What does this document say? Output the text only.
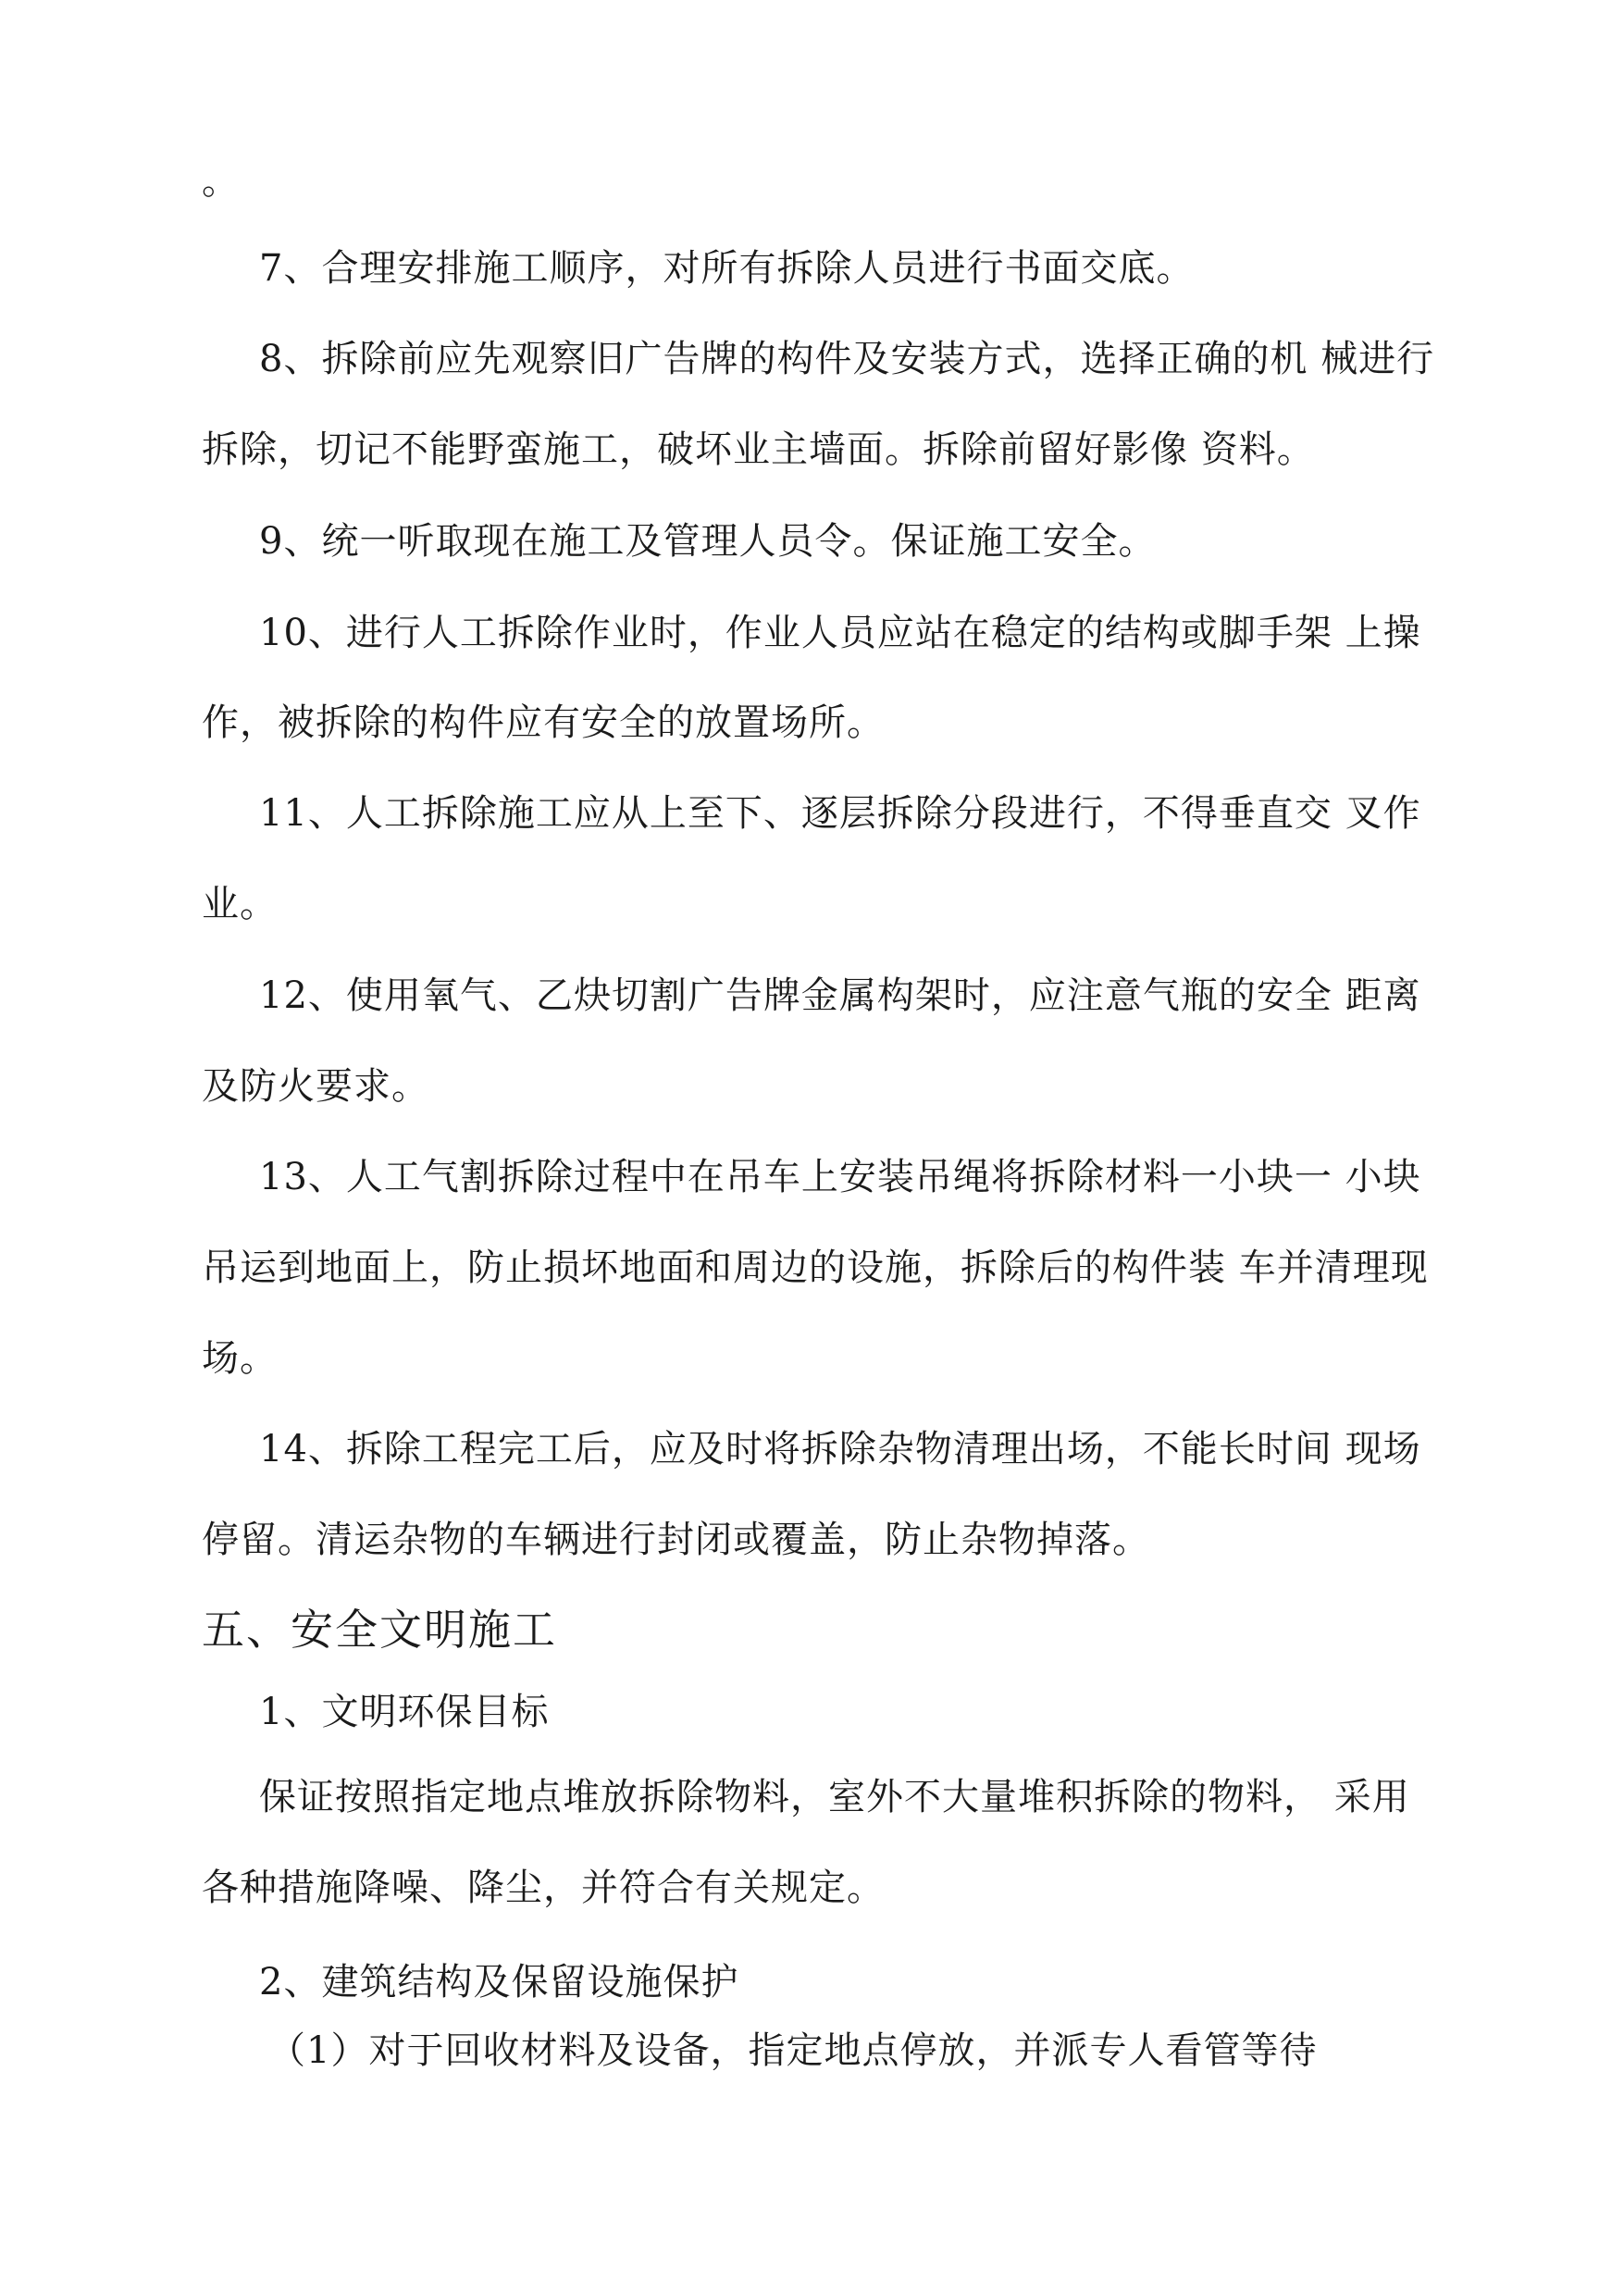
。
7、合理安排施工顺序，对所有拆除人员进行书面交底。
8、拆除前应先观察旧广告牌的构件及安装方式，选择正确的机 械进行
拆除，切记不能野蛮施工，破坏业主墙面。拆除前留好影像 资料。
9、统一听取现在施工及管理人员令。保证施工安全。
10、进行人工拆除作业时，作业人员应站在稳定的结构或脚手架 上操
作，被拆除的构件应有安全的放置场所。
11、人工拆除施工应从上至下、逐层拆除分段进行，不得垂直交 叉作
业。
12、使用氧气、乙炔切割广告牌金属构架时，应注意气瓶的安全 距离
及防火要求。
13、人工气割拆除过程中在吊车上安装吊绳将拆除材料一小块一 小块
吊运到地面上，防止损坏地面和周边的设施，拆除后的构件装 车并清理现
场。
14、拆除工程完工后，应及时将拆除杂物清理出场，不能长时间 现场
停留。清运杂物的车辆进行封闭或覆盖，防止杂物掉落。
五、安全文明施工
1、文明环保目标
保证按照指定地点堆放拆除物料，室外不大量堆积拆除的物料， 采用
各种措施降噪、降尘，并符合有关规定。
2、建筑结构及保留设施保护
（1）对于回收材料及设备，指定地点停放，并派专人看管等待
